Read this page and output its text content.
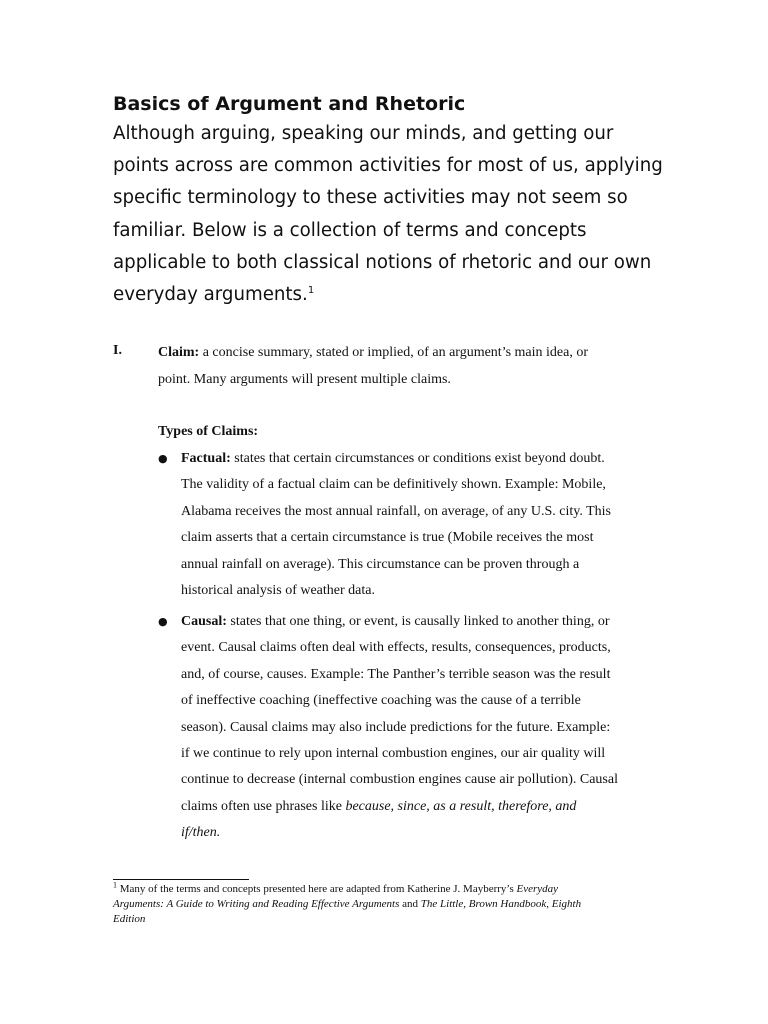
Basics of Argument and Rhetoric

Although arguing, speaking our minds, and getting our
points across are common activities for most of us, applying
specific terminology to these activities may not seem so
familiar. Below is a collection of terms and concepts
applicable to both classical notions of rhetoric and our own
everyday arguments.$^1$

I.	Claim: a concise summary, stated or implied, of an argument’s main idea, or
point. Many arguments will present multiple claims.

Types of Claims:

● Factual: states that certain circumstances or conditions exist beyond doubt.
The validity of a factual claim can be definitively shown. Example: Mobile,
Alabama receives the most annual rainfall, on average, of any U.S. city. This
claim asserts that a certain circumstance is true (Mobile receives the most
annual rainfall on average). This circumstance can be proven through a
historical analysis of weather data.

● Causal: states that one thing, or event, is causally linked to another thing, or
event. Causal claims often deal with effects, results, consequences, products,
and, of course, causes. Example: The Panther’s terrible season was the result
of ineffective coaching (ineffective coaching was the cause of a terrible
season). Causal claims may also include predictions for the future. Example:
if we continue to rely upon internal combustion engines, our air quality will
continue to decrease (internal combustion engines cause air pollution). Causal
claims often use phrases like because, since, as a result, therefore, and
if/then.

$^1$ Many of the terms and concepts presented here are adapted from Katherine J. Mayberry’s Everyday
Arguments: A Guide to Writing and Reading Effective Arguments and The Little, Brown Handbook, Eighth
Edition
